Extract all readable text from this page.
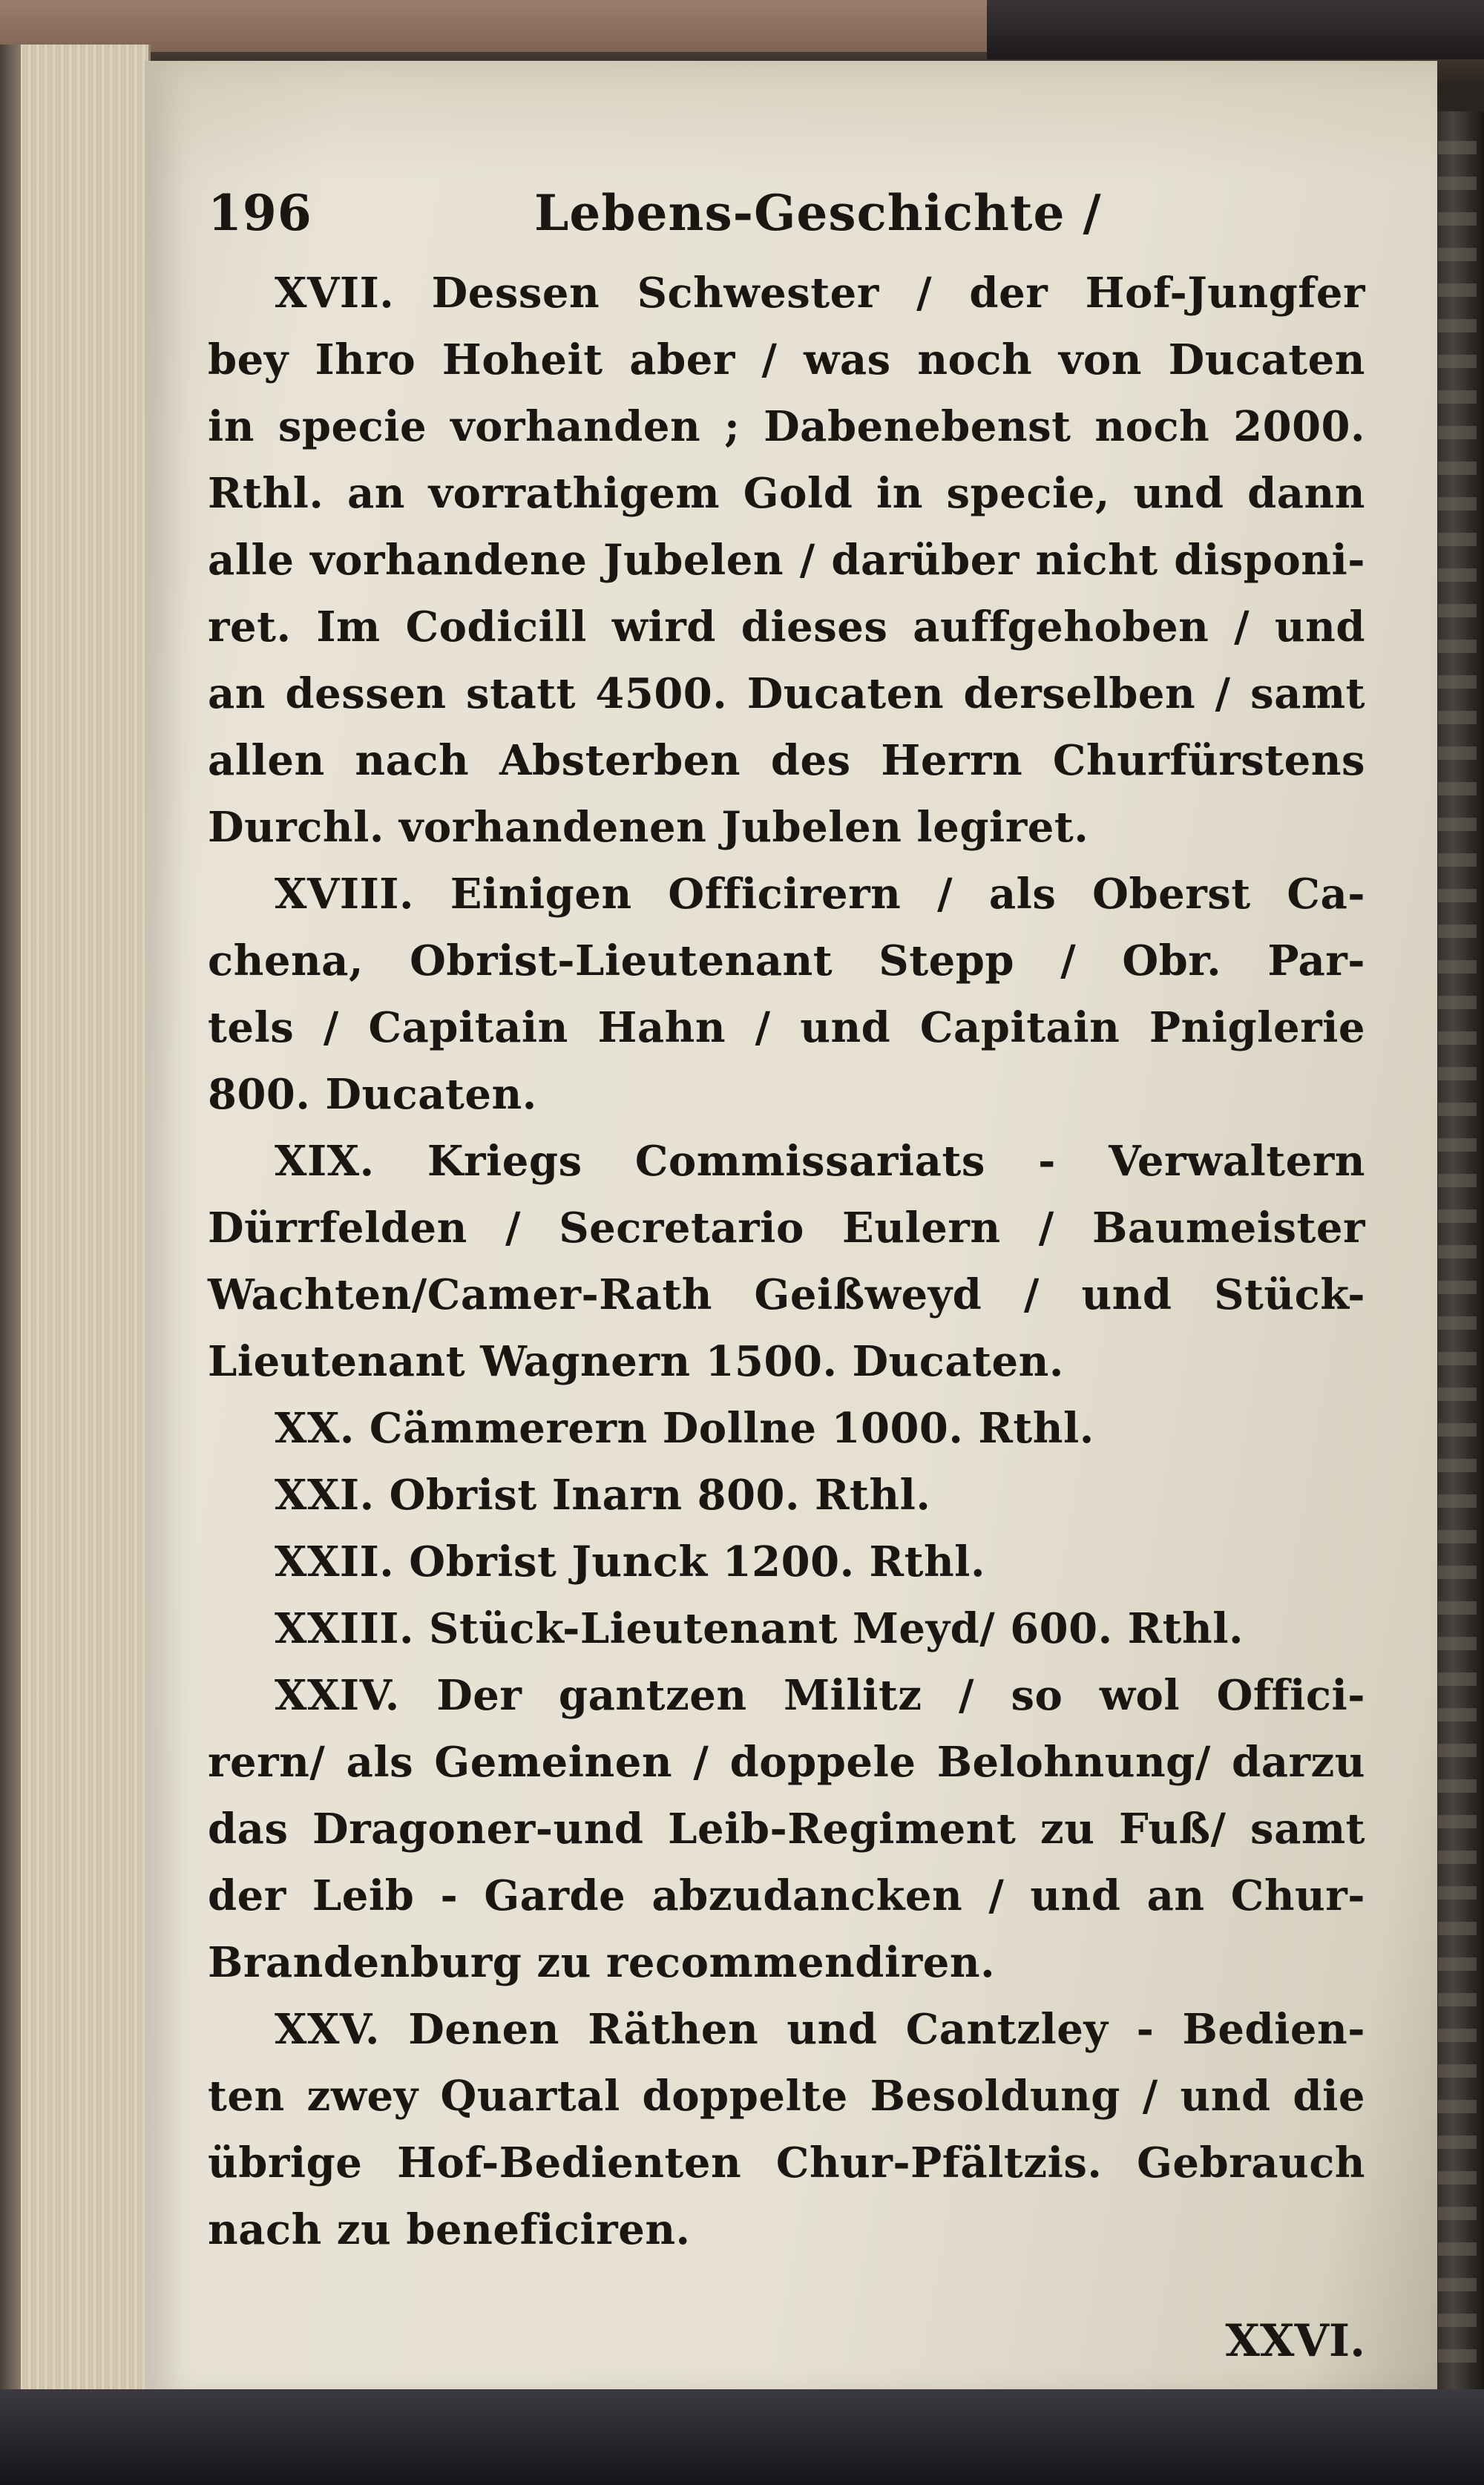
196	Lebens-Geschichte /
XVII. Dessen Schwester / der Hof-Jungfer
bey Ihro Hoheit aber / was noch von Ducaten
in specie vorhanden ; Dabenebenst noch 2000.
Rthl. an vorrathigem Gold in specie, und dann
alle vorhandene Jubelen / darüber nicht disponi-
ret. Im Codicill wird dieses auffgehoben / und
an dessen statt 4500. Ducaten derselben / samt
allen nach Absterben des Herrn Churfürstens
Durchl. vorhandenen Jubelen legiret.
XVIII. Einigen Officirern / als Oberst Ca-
chena, Obrist-Lieutenant Stepp / Obr. Par-
tels / Capitain Hahn / und Capitain Pniglerie
800. Ducaten.
XIX. Kriegs Commissariats - Verwaltern
Dürrfelden / Secretario Eulern / Baumeister
Wachten/Camer-Rath Geißweyd / und Stück-
Lieutenant Wagnern 1500. Ducaten.
XX. Cämmerern Dollne 1000. Rthl.
XXI. Obrist Inarn 800. Rthl.
XXII. Obrist Junck 1200. Rthl.
XXIII. Stück-Lieutenant Meyd/ 600. Rthl.
XXIV. Der gantzen Militz / so wol Offici-
rern/ als Gemeinen / doppele Belohnung/ darzu
das Dragoner-und Leib-Regiment zu Fuß/ samt
der Leib - Garde abzudancken / und an Chur-
Brandenburg zu recommendiren.
XXV. Denen Räthen und Cantzley - Bedien-
ten zwey Quartal doppelte Besoldung / und die
übrige Hof-Bedienten Chur-Pfältzis. Gebrauch
nach zu beneficiren.
XXVI.
